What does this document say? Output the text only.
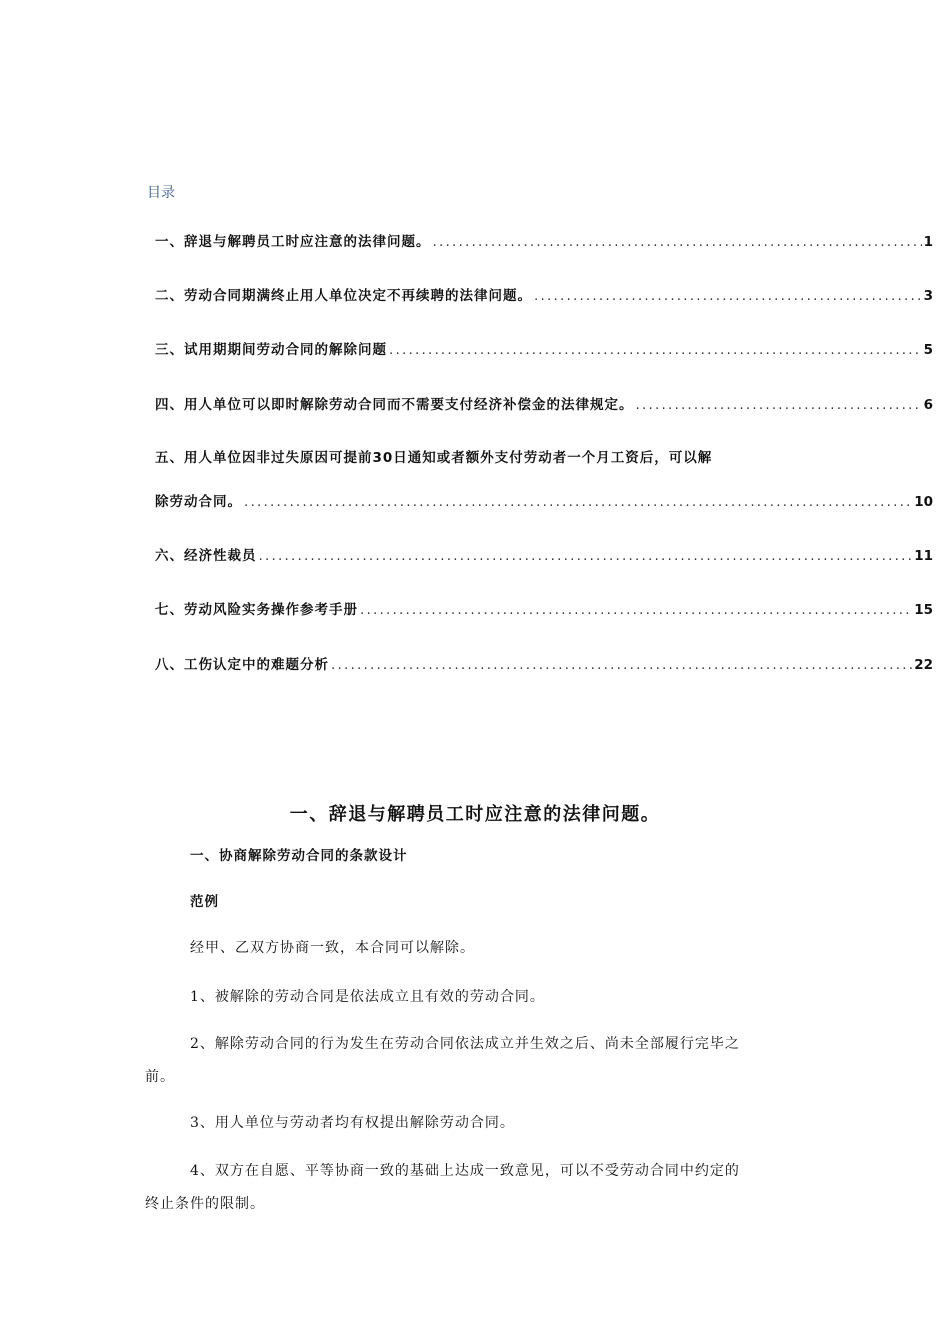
目录
一、辞退与解聘员工时应注意的法律问题。 .....	1
二、劳动合同期满终止用人单位决定不再续聘的法律问题。 .....	3
三、试用期期间劳动合同的解除问题 .....	5
四、用人单位可以即时解除劳动合同而不需要支付经济补偿金的法律规定。 .....	6
五、用人单位因非过失原因可提前30日通知或者额外支付劳动者一个月工资后，可以解
除劳动合同。 .....	10
六、经济性裁员 .....	11
七、劳动风险实务操作参考手册 .....	15
八、工伤认定中的难题分析 .....	22
一、辞退与解聘员工时应注意的法律问题。
一、协商解除劳动合同的条款设计
范例
经甲、乙双方协商一致，本合同可以解除。
1、被解除的劳动合同是依法成立且有效的劳动合同。
2、解除劳动合同的行为发生在劳动合同依法成立并生效之后、尚未全部履行完毕之
前。
3、用人单位与劳动者均有权提出解除劳动合同。
4、双方在自愿、平等协商一致的基础上达成一致意见，可以不受劳动合同中约定的
终止条件的限制。
